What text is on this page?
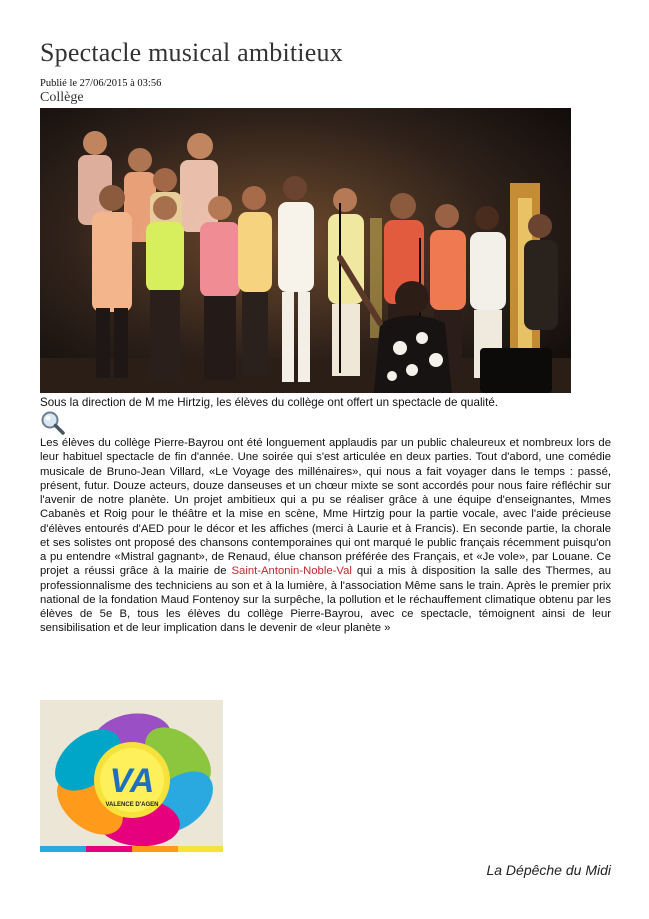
Spectacle musical ambitieux
Publié le 27/06/2015 à 03:56
Collège
Sous la direction de M me Hirtzig, les élèves du collège ont offert un spectacle de qualité.

Les élèves du collège Pierre-Bayrou ont été longuement applaudis par un public chaleureux et nombreux lors de leur habituel spectacle de fin d'année. Une soirée qui s'est articulée en deux parties. Tout d'abord, une comédie musicale de Bruno-Jean Villard, «Le Voyage des millénaires», qui nous a fait voyager dans le temps : passé, présent, futur. Douze acteurs, douze danseuses et un chœur mixte se sont accordés pour nous faire réfléchir sur l'avenir de notre planète. Un projet ambitieux qui a pu se réaliser grâce à une équipe d'enseignantes, Mmes Cabanès et Roig pour le théâtre et la mise en scène, Mme Hirtzig pour la partie vocale, avec l'aide précieuse d'élèves entourés d'AED pour le décor et les affiches (merci à Laurie et à Francis). En seconde partie, la chorale et ses solistes ont proposé des chansons contemporaines qui ont marqué le public français récemment puisqu'on a pu entendre «Mistral gagnant», de Renaud, élue chanson préférée des Français, et «Je vole», par Louane. Ce projet a réussi grâce à la mairie de Saint-Antonin-Noble-Val qui a mis à disposition la salle des Thermes, au professionnalisme des techniciens au son et à la lumière, à l'association Même sans le train. Après le premier prix national de la fondation Maud Fontenoy sur la surpêche, la pollution et le réchauffement climatique obtenu par les élèves de 5e B, tous les élèves du collège Pierre-Bayrou, avec ce spectacle, témoignent ainsi de leur sensibilisation et de leur implication dans le devenir de «leur planète »

VA
VALENCE D'AGEN
La Dépêche du Midi
